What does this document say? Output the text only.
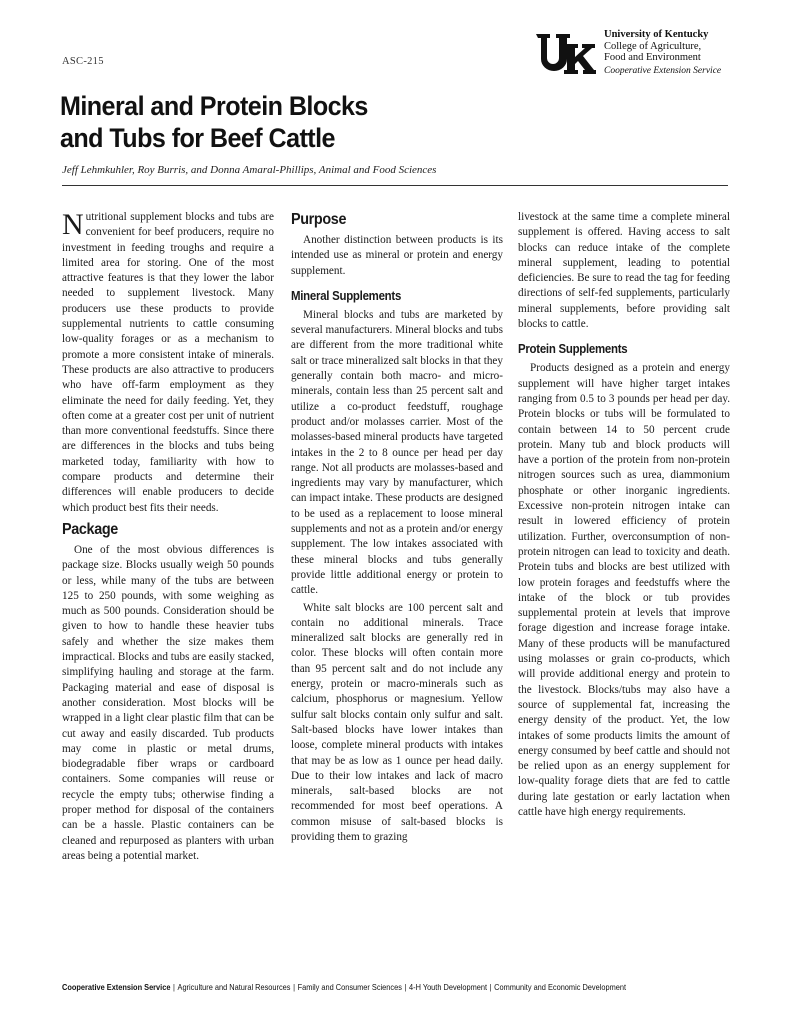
ASC-215
®
University of Kentucky
College of Agriculture,
Food and Environment
Cooperative Extension Service
Mineral and Protein Blocks
and Tubs for Beef Cattle
Jeff Lehmkuhler, Roy Burris, and Donna Amaral-Phillips, Animal and Food Sciences

Nutritional supplement blocks and tubs are convenient for beef producers, require no investment in feeding troughs and require a limited area for storing. One of the most attractive features is that they lower the labor needed to supplement livestock. Many producers use these products to provide supplemental nutrients to cattle consuming low-quality forages or as a mechanism to promote a more consistent intake of minerals. These products are also attractive to producers who have off-farm employment as they eliminate the need for daily feeding. Yet, they often come at a greater cost per unit of nutrient than more conventional feedstuffs. Since there are differences in the blocks and tubs being marketed today, familiarity with how to compare products and determine their differences will enable producers to decide which product best fits their needs.

Package

One of the most obvious differences is package size. Blocks usually weigh 50 pounds or less, while many of the tubs are between 125 to 250 pounds, with some weighing as much as 500 pounds. Consideration should be given to how to handle these heavier tubs safely and whether the size makes them impractical. Blocks and tubs are easily stacked, simplifying hauling and storage at the farm. Packaging material and ease of disposal is another consideration. Most blocks will be wrapped in a light clear plastic film that can be cut away and easily discarded. Tub products may come in plastic or metal drums, biodegradable fiber wraps or cardboard containers. Some companies will reuse or recycle the empty tubs; otherwise finding a proper method for disposal of the containers can be a hassle. Plastic containers can be cleaned and repurposed as planters with urban areas being a potential market.

Purpose

Another distinction between products is its intended use as mineral or protein and energy supplement.

Mineral Supplements

Mineral blocks and tubs are marketed by several manufacturers. Mineral blocks and tubs are different from the more traditional white salt or trace mineralized salt blocks in that they generally contain both macro- and micro-minerals, contain less than 25 percent salt and utilize a co-product feedstuff, roughage product and/or molasses carrier. Most of the molasses-based mineral products have targeted intakes in the 2 to 8 ounce per head per day range. Not all products are molasses-based and ingredients may vary by manufacturer, which can impact intake. These products are designed to be used as a replacement to loose mineral supplements and not as a protein and/or energy supplement. The low intakes associated with these mineral blocks and tubs generally provide little additional energy or protein to cattle.

White salt blocks are 100 percent salt and contain no additional minerals. Trace mineralized salt blocks are generally red in color. These blocks will often contain more than 95 percent salt and do not include any energy, protein or macro-minerals such as calcium, phosphorus or magnesium. Yellow sulfur salt blocks contain only sulfur and salt. Salt-based blocks have lower intakes than loose, complete mineral products with intakes that may be as low as 1 ounce per head daily. Due to their low intakes and lack of macro minerals, salt-based blocks are not recommended for most beef operations. A common misuse of salt-based blocks is providing them to grazing

livestock at the same time a complete mineral supplement is offered. Having access to salt blocks can reduce intake of the complete mineral supplement, leading to potential deficiencies. Be sure to read the tag for feeding directions of self-fed supplements, particularly mineral supplements, before providing salt blocks to cattle.

Protein Supplements

Products designed as a protein and energy supplement will have higher target intakes ranging from 0.5 to 3 pounds per head per day. Protein blocks or tubs will be formulated to contain between 14 to 50 percent crude protein. Many tub and block products will have a portion of the protein from non-protein nitrogen sources such as urea, diammonium phosphate or other inorganic ingredients. Excessive non-protein nitrogen intake can result in lowered efficiency of protein utilization. Further, overconsumption of non-protein nitrogen can lead to toxicity and death. Protein tubs and blocks are best utilized with low protein forages and feedstuffs where the intake of the block or tub provides supplemental protein at levels that improve forage digestion and increase forage intake. Many of these products will be manufactured using molasses or grain co-products, which will provide additional energy and protein to the livestock. Blocks/tubs may also have a source of supplemental fat, increasing the energy density of the product. Yet, the low intakes of some products limits the amount of energy consumed by beef cattle and should not be relied upon as an energy supplement for low-quality forage diets that are fed to cattle during late gestation or early lactation when cattle have high energy requirements.

Cooperative Extension Service | Agriculture and Natural Resources | Family and Consumer Sciences | 4-H Youth Development | Community and Economic Development
